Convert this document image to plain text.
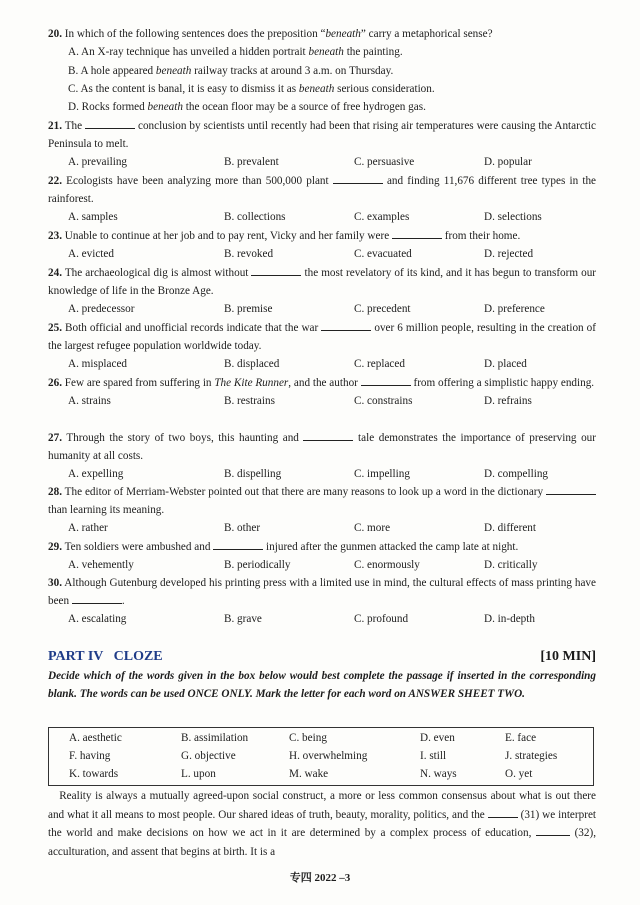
20. In which of the following sentences does the preposition “beneath” carry a metaphorical sense?
A. An X-ray technique has unveiled a hidden portrait beneath the painting.
B. A hole appeared beneath railway tracks at around 3 a.m. on Thursday.
C. As the content is banal, it is easy to dismiss it as beneath serious consideration.
D. Rocks formed beneath the ocean floor may be a source of free hydrogen gas.
21. The	conclusion by scientists until recently had been that rising air temperatures were causing the Antarctic Peninsula to melt.
A. prevailing	B. prevalent	C. persuasive	D. popular
22. Ecologists have been analyzing more than 500,000 plant	and finding 11,676 different tree types in the rainforest.
A. samples	B. collections	C. examples	D. selections
23. Unable to continue at her job and to pay rent, Vicky and her family were	from their home.
A. evicted	B. revoked	C. evacuated	D. rejected
24. The archaeological dig is almost without	the most revelatory of its kind, and it has begun to transform our knowledge of life in the Bronze Age.
A. predecessor	B. premise	C. precedent	D. preference
25. Both official and unofficial records indicate that the war	over 6 million people, resulting in the creation of the largest refugee population worldwide today.
A. misplaced	B. displaced	C. replaced	D. placed
26. Few are spared from suffering in The Kite Runner, and the author	from offering a simplistic happy ending.
A. strains	B. restrains	C. constrains	D. refrains
27. Through the story of two boys, this haunting and	tale demonstrates the importance of preserving our humanity at all costs.
A. expelling	B. dispelling	C. impelling	D. compelling
28. The editor of Merriam-Webster pointed out that there are many reasons to look up a word in the dictionary  than learning its meaning.
A. rather	B. other	C. more	D. different
29. Ten soldiers were ambushed and	injured after the gunmen attacked the camp late at night.
A. vehemently	B. periodically	C. enormously	D. critically
30. Although Gutenburg developed his printing press with a limited use in mind, the cultural effects of mass printing have been	.
A. escalating	B. grave	C. profound	D. in-depth
PART IV   CLOZE	[10 MIN]
Decide which of the words given in the box below would best complete the passage if inserted in the corresponding blank. The words can be used ONCE ONLY. Mark the letter for each word on ANSWER SHEET TWO.
A. aesthetic	B. assimilation	C. being	D. even	E. face
F. having	G. objective	H. overwhelming	I. still	J. strategies
K. towards	L. upon	M. wake	N. ways	O. yet
 Reality is always a mutually agreed-upon social construct, a more or less common consensus about what is out there and what it all means to most people. Our shared ideas of truth, beauty, morality, politics, and the	(31) we interpret the world and make decisions on how we act in it are determined by a complex process of education,	(32), acculturation, and assent that begins at birth. It is a
专四 2022 –3
